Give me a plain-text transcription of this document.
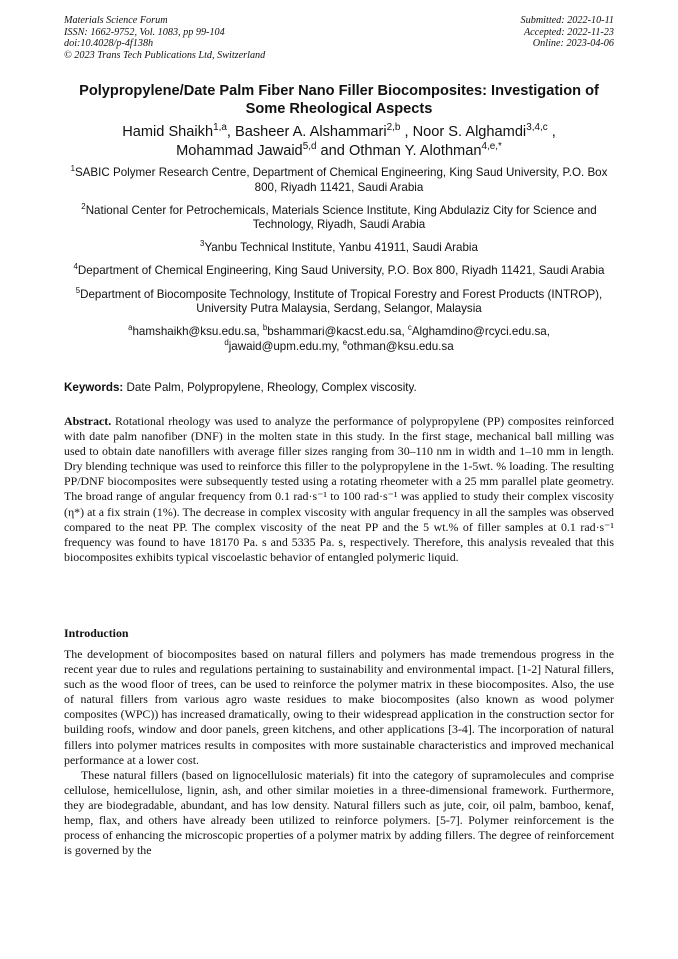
Materials Science Forum
ISSN: 1662-9752, Vol. 1083, pp 99-104
doi:10.4028/p-4f138h
© 2023 Trans Tech Publications Ltd, Switzerland
Submitted: 2022-10-11
Accepted: 2022-11-23
Online: 2023-04-06
Polypropylene/Date Palm Fiber Nano Filler Biocomposites: Investigation of Some Rheological Aspects
Hamid Shaikh$^{1,a}$, Basheer A. Alshammari$^{2,b}$ , Noor S. Alghamdi$^{3,4,c}$ ,
Mohammad Jawaid$^{5,d}$ and Othman Y. Alothman$^{4,e,*}$

$^1$SABIC Polymer Research Centre, Department of Chemical Engineering, King Saud University, P.O. Box 800, Riyadh 11421, Saudi Arabia

$^2$National Center for Petrochemicals, Materials Science Institute, King Abdulaziz City for Science and Technology, Riyadh, Saudi Arabia

$^3$Yanbu Technical Institute, Yanbu 41911, Saudi Arabia

$^4$Department of Chemical Engineering, King Saud University, P.O. Box 800, Riyadh 11421, Saudi Arabia

$^5$Department of Biocomposite Technology, Institute of Tropical Forestry and Forest Products (INTROP), University Putra Malaysia, Serdang, Selangor, Malaysia

$^a$hamshaikh@ksu.edu.sa, $^b$bshammari@kacst.edu.sa, $^c$Alghamdino@rcyci.edu.sa,
$^d$jawaid@upm.edu.my, $^e$othman@ksu.edu.sa

Keywords: Date Palm, Polypropylene, Rheology, Complex viscosity.

Abstract. Rotational rheology was used to analyze the performance of polypropylene (PP) composites reinforced with date palm nanofiber (DNF) in the molten state in this study. In the first stage, mechanical ball milling was used to obtain date nanofillers with average filler sizes ranging from 30–110 nm in width and 1–10 mm in length. Dry blending technique was used to reinforce this filler to the polypropylene in the 1-5wt. % loading. The resulting PP/DNF biocomposites were subsequently tested using a rotating rheometer with a 25 mm parallel plate geometry. The broad range of angular frequency from 0.1 rad·s⁻¹ to 100 rad·s⁻¹ was applied to study their complex viscosity (η*) at a fix strain (1%). The decrease in complex viscosity with angular frequency in all the samples was observed compared to the neat PP. The complex viscosity of the neat PP and the 5 wt.% of filler samples at 0.1 rad·s⁻¹ frequency was found to have 18170 Pa. s and 5335 Pa. s, respectively. Therefore, this analysis revealed that this biocomposites exhibits typical viscoelastic behavior of entangled polymeric liquid.

Introduction

The development of biocomposites based on natural fillers and polymers has made tremendous progress in the recent year due to rules and regulations pertaining to sustainability and environmental impact. [1-2] Natural fillers, such as the wood floor of trees, can be used to reinforce the polymer matrix in these biocomposites. Also, the use of natural fillers from various agro waste residues to make biocomposites (also known as wood polymer composites (WPC)) has increased dramatically, owing to their widespread application in the construction sector for building roofs, window and door panels, green kitchens, and other applications [3-4]. The incorporation of natural fillers into polymer matrices results in composites with more sustainable characteristics and improved mechanical performance at a lower cost.

These natural fillers (based on lignocellulosic materials) fit into the category of supramolecules and comprise cellulose, hemicellulose, lignin, ash, and other similar moieties in a three-dimensional framework. Furthermore, they are biodegradable, abundant, and has low density. Natural fillers such as jute, coir, oil palm, bamboo, kenaf, hemp, flax, and others have already been utilized to reinforce polymers. [5-7]. Polymer reinforcement is the process of enhancing the microscopic properties of a polymer matrix by adding fillers. The degree of reinforcement is governed by the
